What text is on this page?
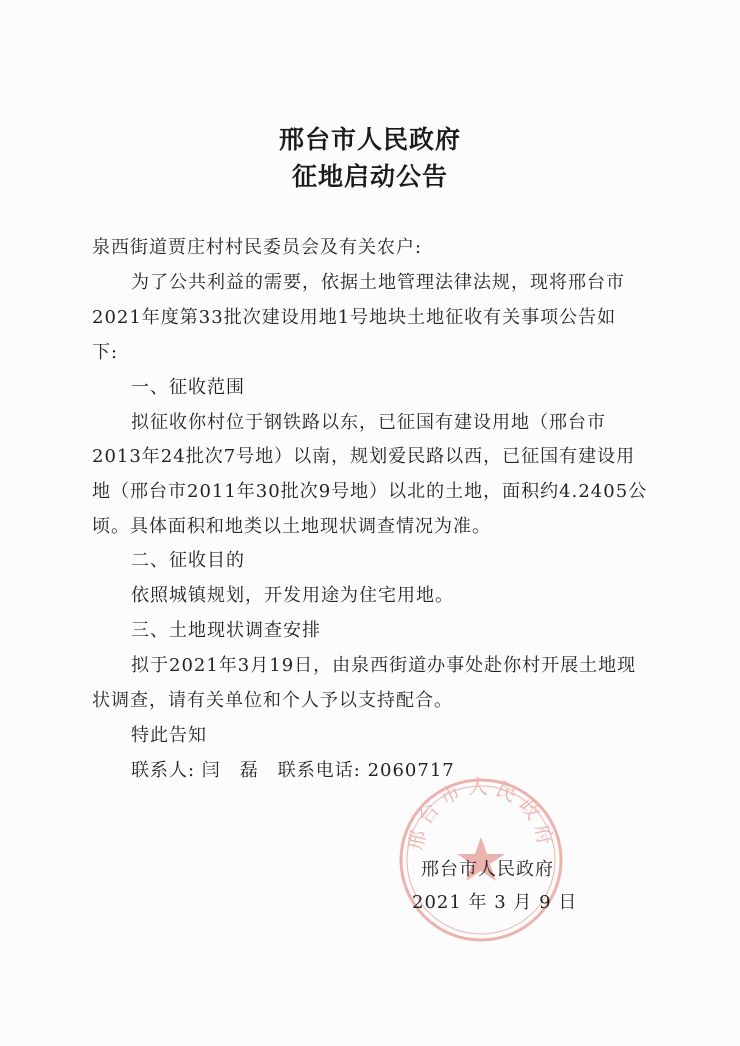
邢台市人民政府
征地启动公告
泉西街道贾庄村村民委员会及有关农户:
为了公共利益的需要，依据土地管理法律法规，现将邢台市
2021年度第33批次建设用地1号地块土地征收有关事项公告如
下:
一、征收范围
拟征收你村位于钢铁路以东，已征国有建设用地（邢台市
2013年24批次7号地）以南，规划爱民路以西，已征国有建设用
地（邢台市2011年30批次9号地）以北的土地，面积约4.2405公
顷。具体面积和地类以土地现状调查情况为准。
二、征收目的
依照城镇规划，开发用途为住宅用地。
三、土地现状调查安排
拟于2021年3月19日，由泉西街道办事处赴你村开展土地现
状调查，请有关单位和个人予以支持配合。
特此告知
联系人: 闫　磊　联系电话: 2060717
邢台市人民政府
邢台市人民政府
2021 年 3 月 9 日
